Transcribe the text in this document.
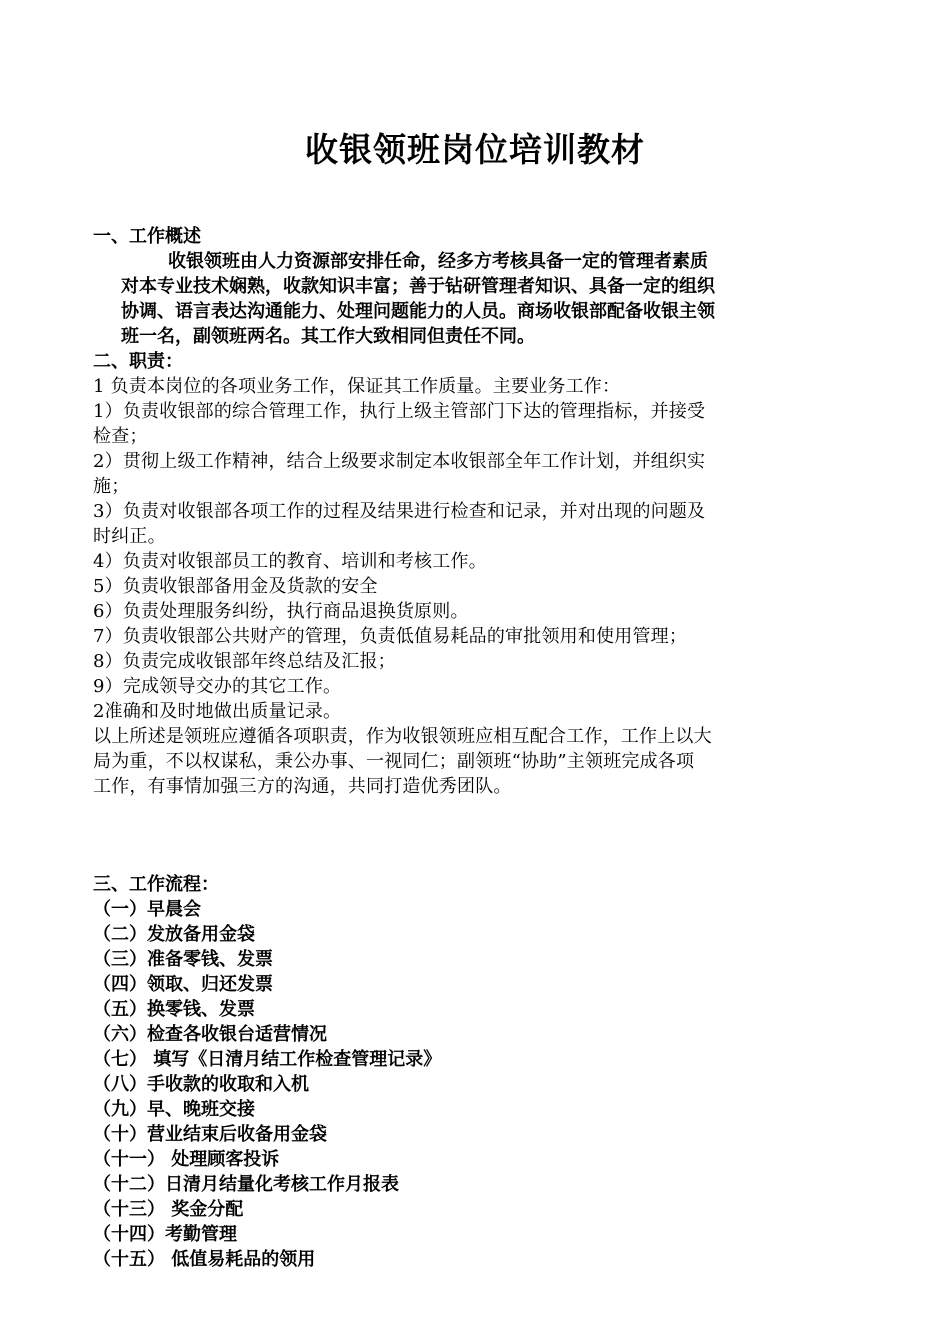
收银领班岗位培训教材
一、工作概述
收银领班由人力资源部安排任命，经多方考核具备一定的管理者素质
对本专业技术娴熟，收款知识丰富；善于钻研管理者知识、具备一定的组织
协调、语言表达沟通能力、处理问题能力的人员。商场收银部配备收银主领
班一名，副领班两名。其工作大致相同但责任不同。
二、职责：
1 负责本岗位的各项业务工作，保证其工作质量。主要业务工作：
1）负责收银部的综合管理工作，执行上级主管部门下达的管理指标，并接受
检查；
2）贯彻上级工作精神，结合上级要求制定本收银部全年工作计划，并组织实
施；
3）负责对收银部各项工作的过程及结果进行检查和记录，并对出现的问题及
时纠正。
4）负责对收银部员工的教育、培训和考核工作。
5）负责收银部备用金及货款的安全
6）负责处理服务纠纷，执行商品退换货原则。
7）负责收银部公共财产的管理，负责低值易耗品的审批领用和使用管理；
8）负责完成收银部年终总结及汇报；
9）完成领导交办的其它工作。
2准确和及时地做出质量记录。
以上所述是领班应遵循各项职责，作为收银领班应相互配合工作，工作上以大
局为重，不以权谋私，秉公办事、一视同仁；副领班“协助”主领班完成各项
工作，有事情加强三方的沟通，共同打造优秀团队。
三、工作流程：
（一）早晨会
（二）发放备用金袋
（三）准备零钱、发票
（四）领取、归还发票
（五）换零钱、发票
（六）检查各收银台适营情况
（七） 填写《日清月结工作检查管理记录》
（八）手收款的收取和入机
（九）早、晚班交接
（十）营业结束后收备用金袋
（十一） 处理顾客投诉
（十二）日清月结量化考核工作月报表
（十三） 奖金分配
（十四）考勤管理
（十五） 低值易耗品的领用
